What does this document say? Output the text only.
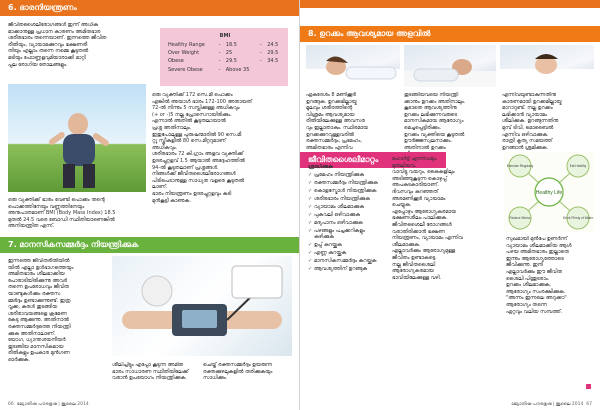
6. ഭാരനിയന്ത്രണം
ജീവിതശൈലീരോഗങ്ങൾ ഇന്ന് അധിക
മാക്കാനുള്ള പ്രധാന കാരണം അമിതഭാര
ശരീരഭാരം തന്നെയാണ്. ഇന്നത്തെ ജീവിത
രീതിയും, വ്യായാമക്കുറവും ഭക്ഷണരീ
തിയും എല്ലാം തന്നെ നമ്മെ കൂടുതൽ
മടിയും ഫോണ്ണളവുമിയാരാക്കി മാറ്റി
പ്പല രോഗിയ തോലങ്ങളും.
BMI				
Healthy Range	-	18.5	-	24.5
Over Weight	-	25	-	29.5
Obese	-	29.5	-	34.5
Severe Obese	-	Above 35		
ഒരു വ്യക്തിക്ക് 172 സെ.മീ പൊക്കം
എങ്കിൽ അയാൾ ഭാരം 172-100 അതായത്
72-ൽ നിന്നും 5 സമ്പ്ലിക്കുള്ള അധികവും
(+ or -)5 നല്ല പ്രോസെറായിരിക്കും.
എന്നാൽ അതിൽ കൂടുതലായാൽ
പ്രശ്ന അതിനാലും.
ഇതുപോലുള്ള പുരുഷന്മാരിൽ 90 സെ.മീ
റ്റൂ സ്ത്രീകളിൽ 80 സെ.മീറ്ററുമാണ്
അധികവും.
ശരീരഭാരം 72 കി.ഗ്രാം അളവ വ്യക്തിക്ക്
ഉദരച്ചുറ്റളവ് 1.5 ആയാൽ അദ്ദേഹത്തിൽ
94-ൽ കൂടുതലാണ് പ്രശ്നങ്ങൾ.
നിങ്ങൾക്ക് ജീവിതശൈലീരോഗങ്ങൾ
പിടിപെടാനുള്ള സാധ്യത വളരെ കൂടുതൽ
ലാണ്.
ഭാരം നിയന്ത്രണം ഉദരച്ചുറ്റളവും കുടി
മുൻകൂട്ടി കാണുക.
ഒരു വ്യക്തിക്ക് ഭാരം വേണ്ടി പൊക്കം തന്റെ
പൊക്കത്തിനേയും വണ്ണത്തിനേയും
അനുപാതമാണ് BMI (Body Mass Index) 18.5
മുതൽ 24.5 വരെ ബോഡി സ്ഥിതിയാണെങ്കിൽ
അനിയന്ത്രിത എന്ന്.
7. മാനസികസമ്മർദ്ദം നിയന്ത്രിക്കുക
ഇന്നത്തെ ജീവിതരീതിയിൽ
യിൽ എല്ലാ ഉൾഭാഗത്തെയും
അമിതഭാരം ശീലമാക്കിയ
പോരാടിയിരിക്കുന്നു അവർ
തന്നെ ഉപരോധവും ജീവിത
യാണ്ടുകൾക്കും രക്തസ
മ്മർദ്ദം ഉണ്ടാക്കുന്നുണ്ട്. ഇത്ര
വൃക്ക, കരൾ തുടങ്ങിയ
ശരീരാവയങ്ങളെ ക്രമേണ
കേടു ആക്കുന്നു. അതിനാൽ
രക്തസമ്മർദ്ദത്തെ നിയന്ത്രി
ക്കുക അതിനാലാണ്.
യോഗ, ധ്യാന്തശയനീയർ
തുടങ്ങിയ മാനസികമായ
രീതികളും ഉപകാര മുൻഗണ
ഓർക്കുക.
ശീലിച്ചിട്ടും എപ്പോ കൂടുന്ന അമിത
ഭാരം സാധാരണ സ്ഥിതിയിലേക്ക്
വരാൻ ഉപയോഗം നിയന്ത്രിക്കുക.
ചെയ്ത് രക്തസമ്മർദ്ദം ഉയരുന്ന
രക്തക്കുഴലുകളിൽ തരിക്കുകയും
സാധിക്കും.
66 ജ്യോതിഷ പൗരഭൂഷ | ജൂലൈ 2014
8. ഉറക്കം ആവശ്യമായ അളവിൽ
ഏകദേശം 8 മണിക്കൂർ
ഉറങ്ങുക. ഉറക്കമില്ലായ്മ
മൂലവും ശരീരത്തിന്റെ
വിശ്രമം ആവശ്യമായ
രീതിയിലേക്കുള്ള അവസര
വും ഇല്ലാതാകും. സ്ഥിരമായ
ഉറക്കക്കുറവുള്ളവരിൽ
രക്തസമ്മർദ്ദം, പ്രമേഹം,
അമിതഭാരം എന്നിവ

തുടങ്ങിയവയെ നിയന്ത്രി
ക്കാനും ഉറക്കം അതിനാലും.
കൂടാതെ ആവശ്യത്തിനു
ഉറക്കം ലഭിക്കുന്നവരുടെ
മാനസികമായ ആരോഗ്യം
മെച്ചപ്പെട്ടിരിക്കും.
ഉറക്കം വ്യക്തിയെ കൂടുതൽ
ഊർജ്ജസ്വലനാക്കും.
അതിനാൽ ഉറക്കം

എന്നിവയുണ്ടാകുന്നതിനു
കാരണമായി ഉറക്കമില്ലായ്മ
മാറാറുണ്ട്. നല്ല ഉറക്കം
ലഭിക്കാൻ വ്യായാമം
ശീലിക്കുക. ഉറങ്ങുന്നതിനു
മുമ്പ് ടിവി, മൊബൈൽ
എന്നിവ ഒഴിവാക്കുക.
രാത്രി കൃത്യ സമയത്ത്
ഉറങ്ങാൻ ശ്രമിക്കുക.
ജീവിതശൈലീമാറ്റം
ശ്രദ്ധിക്കുക
✓ പ്രമേഹം നിയന്ത്രിക്കുക
✓ രക്തസമ്മർദ്ദം നിയന്ത്രിക്കുക
✓ കൊളസ്ട്രോൾ നിയന്ത്രിക്കുക
✓ ശരീരഭാരം നിയന്ത്രിക്കുക
✓ വ്യായാമം ശീലമാക്കുക
✓ പുകവലി ഒഴിവാക്കുക
✓ മദ്യപാനം ഒഴിവാക്കുക
✓ പഴങ്ങളും പച്ചക്കറികളും കഴിക്കുക
✓ ഉപ്പ് കുറയ്ക്കുക
✓ എണ്ണ കുറയ്ക്കുക
✓ മാനസികസമ്മർദ്ദം കുറയ്ക്കുക
✓ ആവശ്യത്തിന് ഉറങ്ങുക
ഹോർട്ട് എന്നിവയും
മുതലിയവ.
വാവിട്ടു വയറും, കൈകളിലും
അടിഞ്ഞുകൂടുന്ന കൊഴുപ്പ്
അപകടകാരിയാണ്.
ദിവസവും കുറഞ്ഞത്
അരമണിക്കൂർ വ്യായാമം
ചെയ്യുക.
എപ്പോഴും ആരോഗ്യകരമായ
ഭക്ഷണശീലം പാലിക്കുക.
ജീവിതശൈലീ രോഗങ്ങൾ
വരാതിരിക്കാൻ ഭക്ഷണ
നിയന്ത്രണം, വ്യായാമം എന്നിവ
ശീലമാക്കുക.
എല്ലാവർക്കും ആരോഗ്യമുള്ള
ജീവിതം ഉണ്ടാകട്ടെ.
നല്ല ജീവിതശൈലി
ആരോഗ്യകരമായ
ഭാവിയിലേക്കുള്ള വഴി.
Healthy Life
Exercise Regularly	Eat Healthy
Reduce Stress	Drink Plenty of Water
സുഖമായി മുൻപേ ഉണർന്ന്
വ്യായാമം ശീലമാക്കിയ ആൾ
പഴയ അമിതഭാരം ഇല്ലാതെ
ഇന്നും ആരോഗ്യത്തോടെ
ജീവിക്കുന്നു. ഇനി
എല്ലാവർക്കും ഈ ജീവിത
ശൈലി പിന്തുടരാം.
ഉറക്കം ശീലമാക്കുക,
ആരോഗ്യം സംരക്ഷിക്കുക.
"അന്നം ഇന്നലെ അറുക്കാ"
ആരോഗ്യം തന്നെ
ഏറ്റവും വലിയ സമ്പത്ത്.
ജ്യോതിഷ പൗരഭൂഷ | ജൂലൈ 2014 67
